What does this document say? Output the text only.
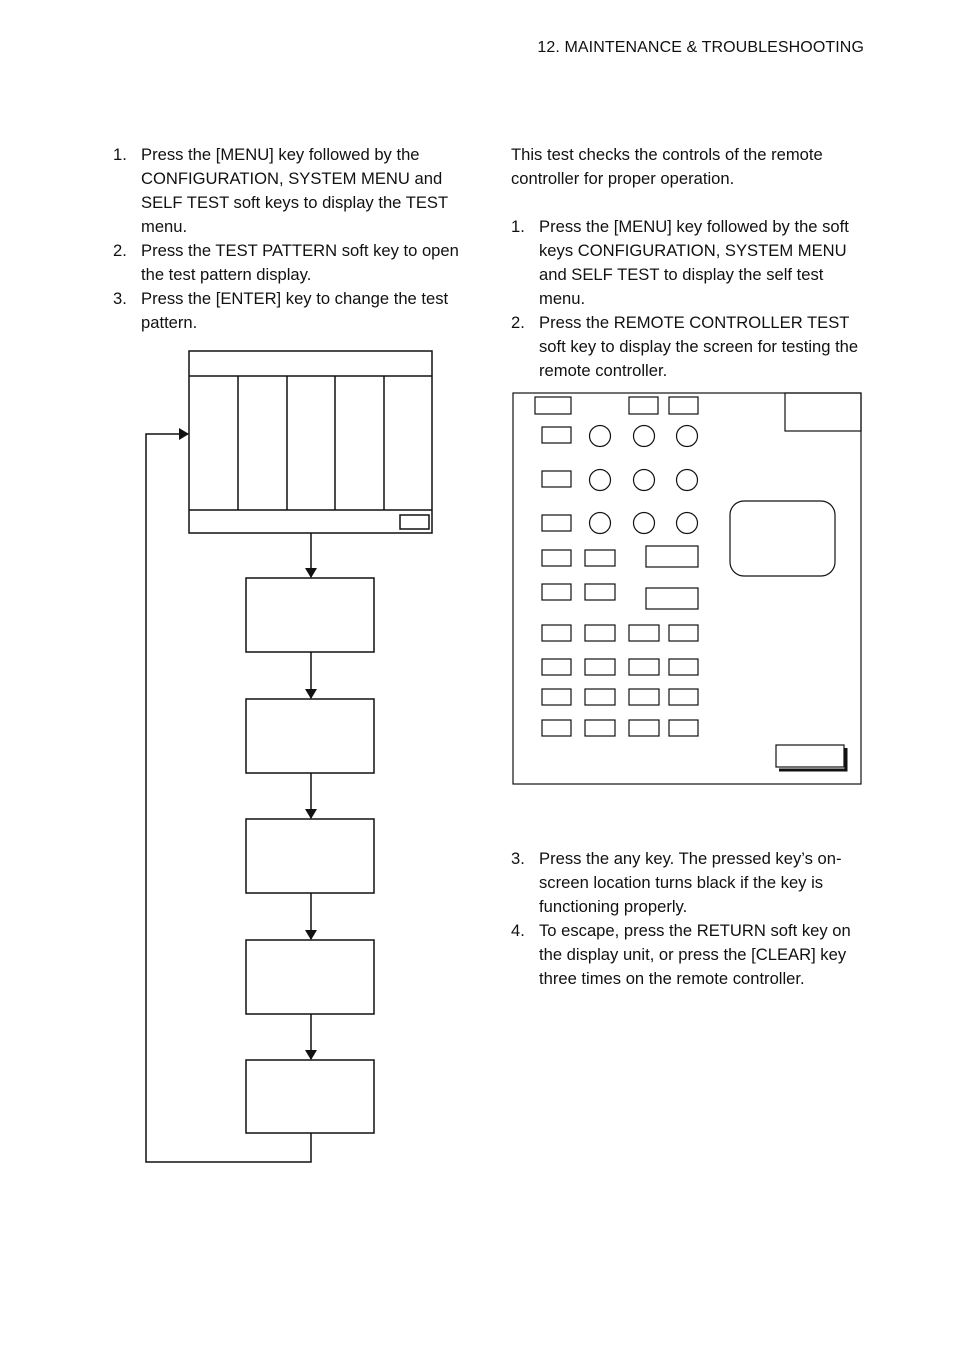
12. MAINTENANCE & TROUBLESHOOTING
1. Press the [MENU] key followed by the CONFIGURATION, SYSTEM MENU and SELF TEST soft keys to display the TEST menu.
2. Press the TEST PATTERN soft key to open the test pattern display.
3. Press the [ENTER] key to change the test pattern.

This test checks the controls of the remote controller for proper operation.

1. Press the [MENU] key followed by the soft keys CONFIGURATION, SYSTEM MENU and SELF TEST to display the self test menu.
2. Press the REMOTE CONTROLLER TEST soft key to display the screen for testing the remote controller.
3. Press the any key. The pressed key’s on-screen location turns black if the key is functioning properly.
4. To escape, press the RETURN soft key on the display unit, or press the [CLEAR] key three times on the remote controller.
